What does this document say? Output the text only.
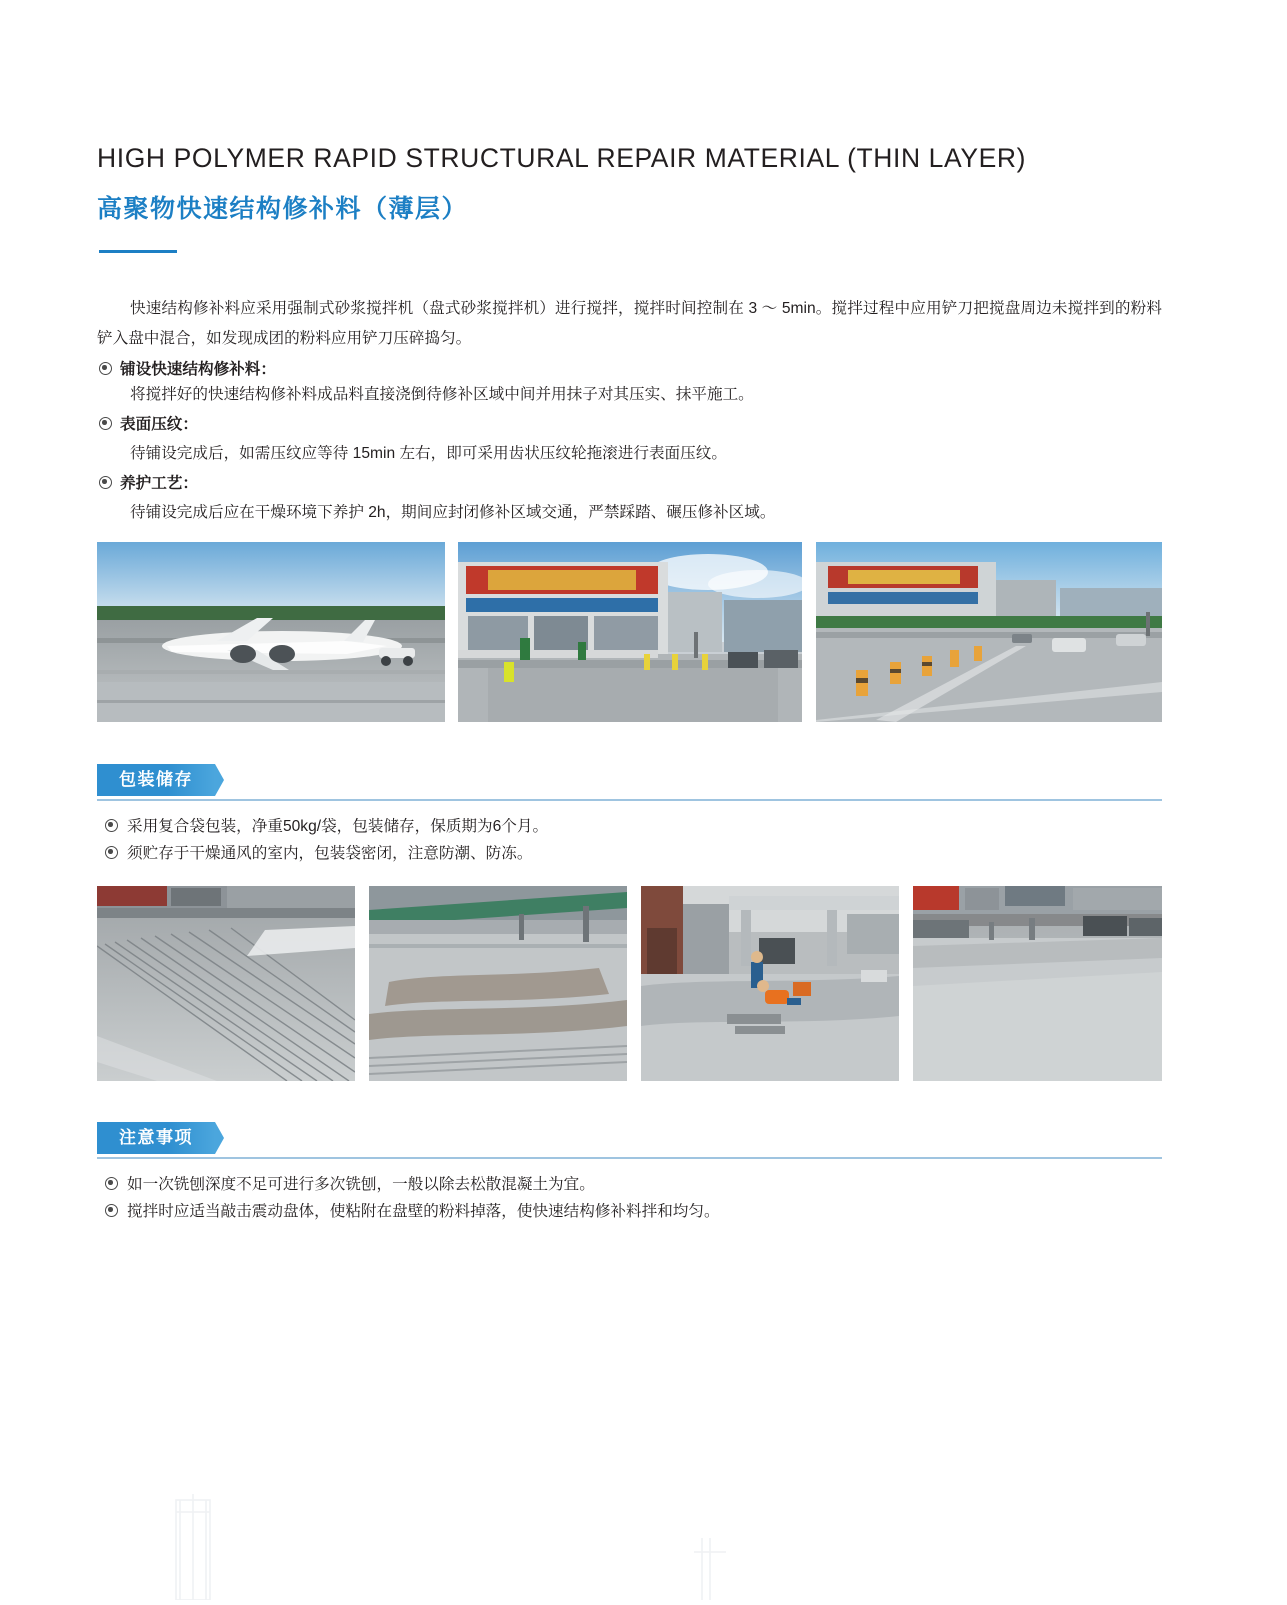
HIGH POLYMER RAPID STRUCTURAL REPAIR MATERIAL (THIN LAYER)
高聚物快速结构修补料（薄层）
快速结构修补料应采用强制式砂浆搅拌机（盘式砂浆搅拌机）进行搅拌，搅拌时间控制在 3 ～ 5min。搅拌过程中应用铲刀把搅盘周边未搅拌到的粉料铲入盘中混合，如发现成团的粉料应用铲刀压碎捣匀。
铺设快速结构修补料：
将搅拌好的快速结构修补料成品料直接浇倒待修补区域中间并用抹子对其压实、抹平施工。
表面压纹：
待铺设完成后，如需压纹应等待 15min 左右，即可采用齿状压纹轮拖滚进行表面压纹。
养护工艺：
待铺设完成后应在干燥环境下养护 2h，期间应封闭修补区域交通，严禁踩踏、碾压修补区域。
包装储存
采用复合袋包装，净重50kg/袋，包装储存，保质期为6个月。
须贮存于干燥通风的室内，包装袋密闭，注意防潮、防冻。
注意事项
如一次铣刨深度不足可进行多次铣刨，一般以除去松散混凝土为宜。
搅拌时应适当敲击震动盘体，使粘附在盘壁的粉料掉落，使快速结构修补料拌和均匀。
